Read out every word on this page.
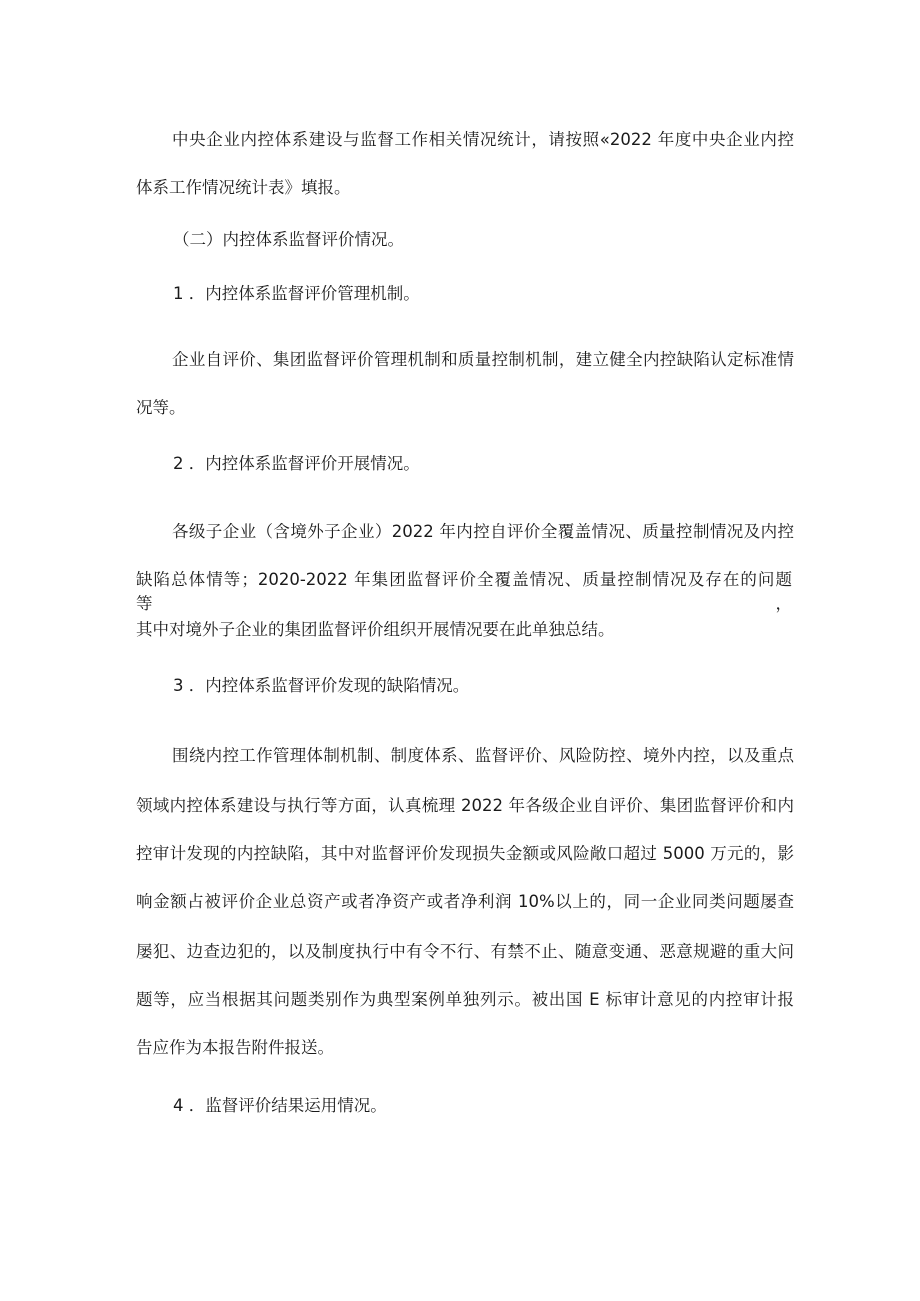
中央企业内控体系建设与监督工作相关情况统计，请按照«2022 年度中央企业内控

体系工作情况统计表》填报。

（二）内控体系监督评价情况。

1 ．内控体系监督评价管理机制。

企业自评价、集团监督评价管理机制和质量控制机制，建立健全内控缺陷认定标准情

况等。

2 ．内控体系监督评价开展情况。

各级子企业（含境外子企业）2022 年内控自评价全覆盖情况、质量控制情况及内控

缺陷总体情等；2020-2022 年集团监督评价全覆盖情况、质量控制情况及存在的问题等，

其中对境外子企业的集团监督评价组织开展情况要在此单独总结。

3 ．内控体系监督评价发现的缺陷情况。

围绕内控工作管理体制机制、制度体系、监督评价、风险防控、境外内控，以及重点

领域内控体系建设与执行等方面，认真梳理 2022 年各级企业自评价、集团监督评价和内

控审计发现的内控缺陷，其中对监督评价发现损失金额或风险敞口超过 5000 万元的，影

响金额占被评价企业总资产或者净资产或者净利润 10%以上的，同一企业同类问题屡查

屡犯、边查边犯的，以及制度执行中有令不行、有禁不止、随意变通、恶意规避的重大问

题等，应当根据其问题类别作为典型案例单独列示。被出国 E 标审计意见的内控审计报

告应作为本报告附件报送。

4 ．监督评价结果运用情况。
